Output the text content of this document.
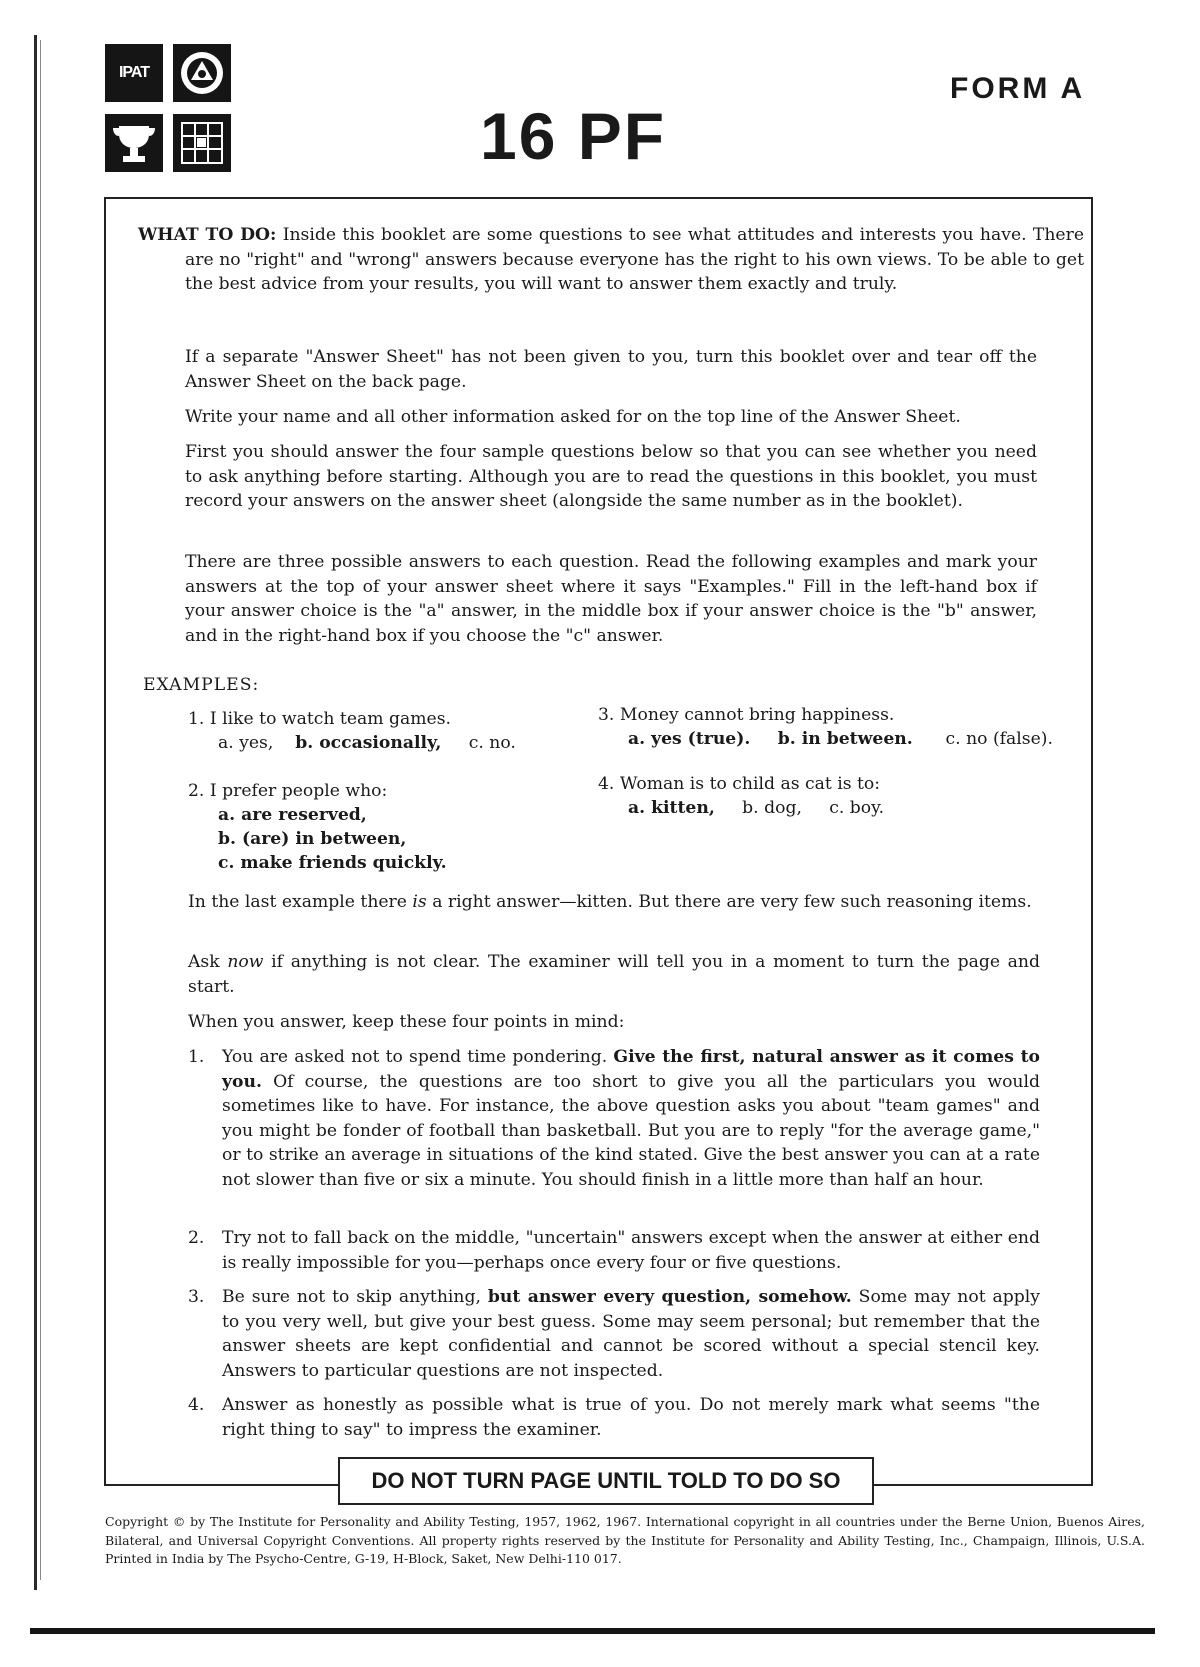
IPAT
16 PF
FORM A

WHAT TO DO: Inside this booklet are some questions to see what attitudes and interests you have. There are no "right" and "wrong" answers because everyone has the right to his own views. To be able to get the best advice from your results, you will want to answer them exactly and truly.

If a separate "Answer Sheet" has not been given to you, turn this booklet over and tear off the Answer Sheet on the back page.

Write your name and all other information asked for on the top line of the Answer Sheet.

First you should answer the four sample questions below so that you can see whether you need to ask anything before starting. Although you are to read the questions in this booklet, you must record your answers on the answer sheet (alongside the same number as in the booklet).

There are three possible answers to each question. Read the following examples and mark your answers at the top of your answer sheet where it says "Examples." Fill in the left-hand box if your answer choice is the "a" answer, in the middle box if your answer choice is the "b" answer, and in the right-hand box if you choose the "c" answer.

EXAMPLES:
1. I like to watch team games.
a. yes, b. occasionally, c. no.
2. I prefer people who:
a. are reserved,
b. (are) in between,
c. make friends quickly.
3. Money cannot bring happiness.
a. yes (true). b. in between. c. no (false).
4. Woman is to child as cat is to:
a. kitten, b. dog, c. boy.

In the last example there is a right answer—kitten. But there are very few such reasoning items.

Ask now if anything is not clear. The examiner will tell you in a moment to turn the page and start.

When you answer, keep these four points in mind:

1. You are asked not to spend time pondering. Give the first, natural answer as it comes to you. Of course, the questions are too short to give you all the particulars you would sometimes like to have. For instance, the above question asks you about "team games" and you might be fonder of football than basketball. But you are to reply "for the average game," or to strike an average in situations of the kind stated. Give the best answer you can at a rate not slower than five or six a minute. You should finish in a little more than half an hour.
2. Try not to fall back on the middle, "uncertain" answers except when the answer at either end is really impossible for you—perhaps once every four or five questions.
3. Be sure not to skip anything, but answer every question, somehow. Some may not apply to you very well, but give your best guess. Some may seem personal; but remember that the answer sheets are kept confidential and cannot be scored without a special stencil key. Answers to particular questions are not inspected.
4. Answer as honestly as possible what is true of you. Do not merely mark what seems "the right thing to say" to impress the examiner.
DO NOT TURN PAGE UNTIL TOLD TO DO SO

Copyright © by The Institute for Personality and Ability Testing, 1957, 1962, 1967. International copyright in all countries under the Berne Union, Buenos Aires, Bilateral, and Universal Copyright Conventions. All property rights reserved by the Institute for Personality and Ability Testing, Inc., Champaign, Illinois, U.S.A. Printed in India by The Psycho-Centre, G-19, H-Block, Saket, New Delhi-110 017.
